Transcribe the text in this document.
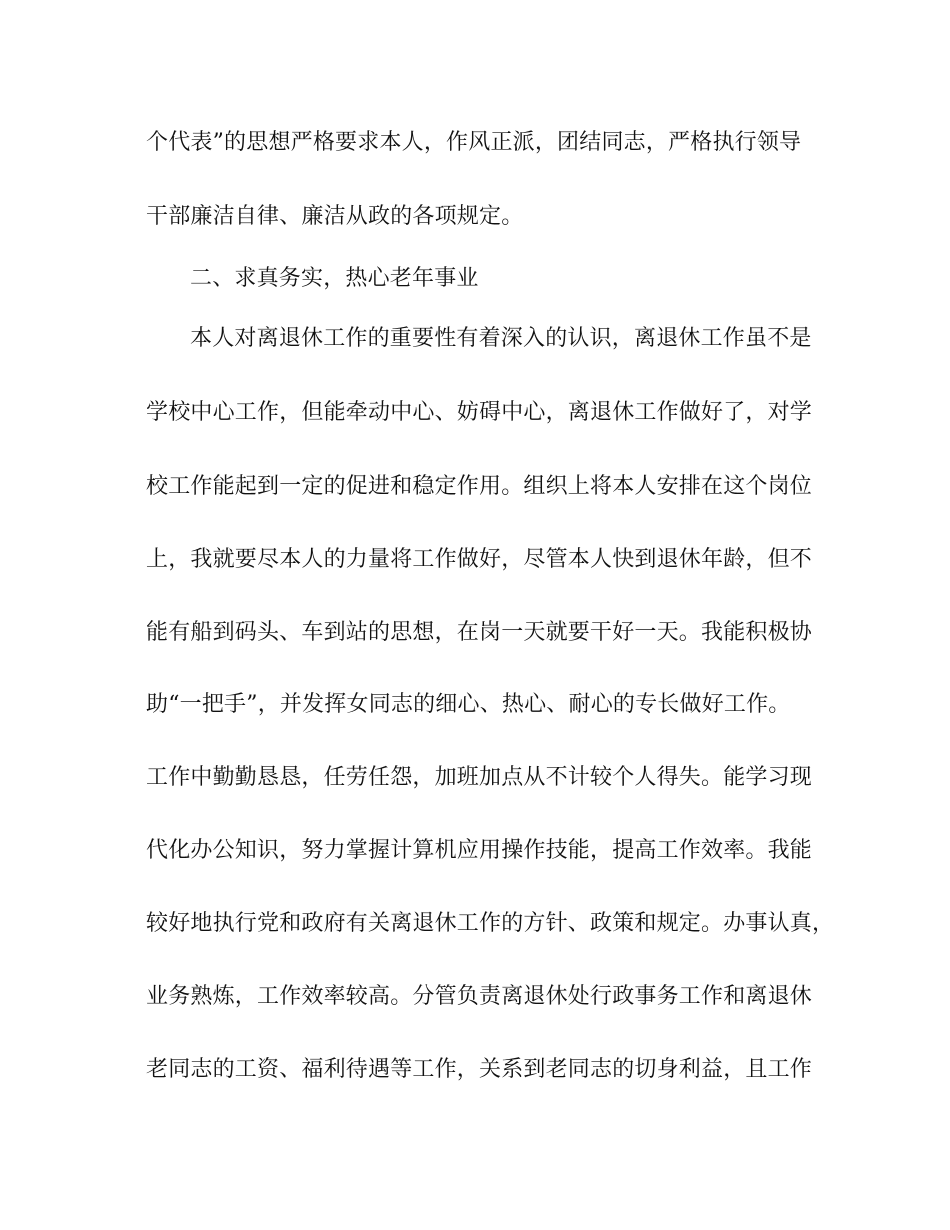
个代表”的思想严格要求本人，作风正派，团结同志，严格执行领导
干部廉洁自律、廉洁从政的各项规定。
二、求真务实，热心老年事业
本人对离退休工作的重要性有着深入的认识，离退休工作虽不是
学校中心工作，但能牵动中心、妨碍中心，离退休工作做好了，对学
校工作能起到一定的促进和稳定作用。组织上将本人安排在这个岗位
上，我就要尽本人的力量将工作做好，尽管本人快到退休年龄，但不
能有船到码头、车到站的思想，在岗一天就要干好一天。我能积极协
助“一把手”，并发挥女同志的细心、热心、耐心的专长做好工作。
工作中勤勤恳恳，任劳任怨，加班加点从不计较个人得失。能学习现
代化办公知识，努力掌握计算机应用操作技能，提高工作效率。我能
较好地执行党和政府有关离退休工作的方针、政策和规定。办事认真，
业务熟炼，工作效率较高。分管负责离退休处行政事务工作和离退休
老同志的工资、福利待遇等工作，关系到老同志的切身利益，且工作
